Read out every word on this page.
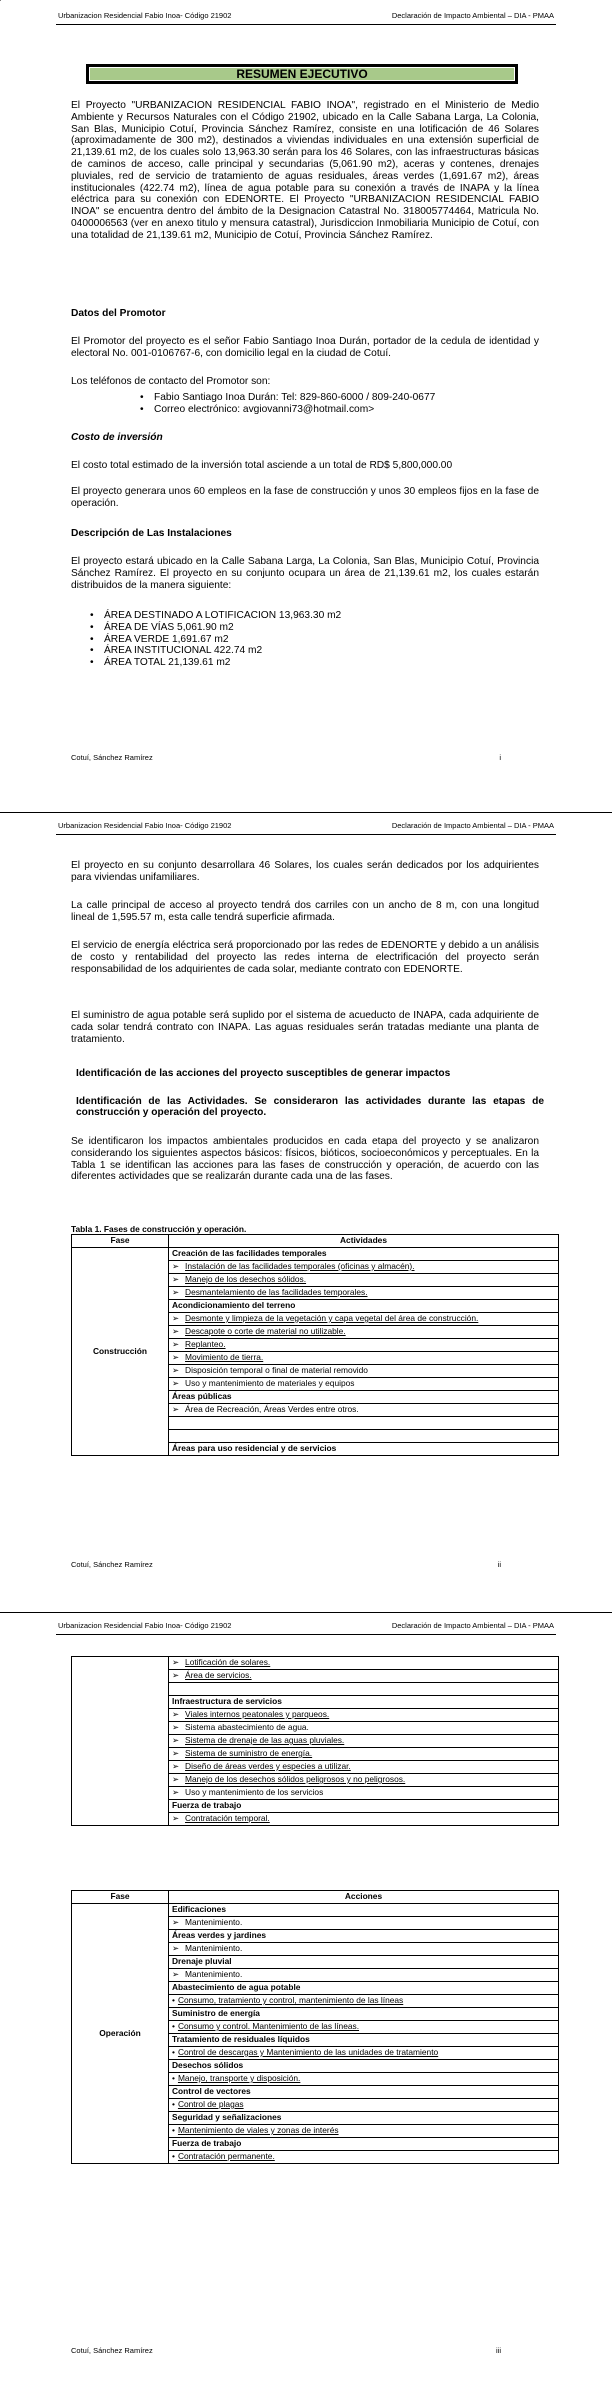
Urbanizacion Residencial Fabio Inoa- Código 21902	Declaración de Impacto Ambiental – DIA - PMAA
RESUMEN EJECUTIVO
El Proyecto "URBANIZACION RESIDENCIAL FABIO INOA", registrado en el Ministerio de Medio Ambiente y Recursos Naturales con el Código 21902, ubicado en la Calle Sabana Larga, La Colonia, San Blas, Municipio Cotuí, Provincia Sánchez Ramírez, consiste en una lotificación de 46 Solares (aproximadamente de 300 m2), destinados a viviendas individuales en una extensión superficial de 21,139.61 m2, de los cuales solo 13,963.30 serán para los 46 Solares, con las infraestructuras básicas de caminos de acceso, calle principal y secundarias (5,061.90 m2), aceras y contenes, drenajes pluviales, red de servicio de tratamiento de aguas residuales, áreas verdes (1,691.67 m2), áreas institucionales (422.74 m2), línea de agua potable para su conexión a través de INAPA y la línea eléctrica para su conexión con EDENORTE. El Proyecto "URBANIZACION RESIDENCIAL FABIO INOA" se encuentra dentro del ámbito de la Designacion Catastral No. 318005774464, Matricula No. 0400006563 (ver en anexo titulo y mensura catastral), Jurisdiccion Inmobiliaria Municipio de Cotuí, con una totalidad de 21,139.61 m2, Municipio de Cotuí, Provincia Sánchez Ramírez.
Datos del Promotor
El Promotor del proyecto es el señor Fabio Santiago Inoa Durán, portador de la cedula de identidad y electoral No. 001-0106767-6, con domicilio legal en la ciudad de Cotuí.
Los teléfonos de contacto del Promotor son:
• Fabio Santiago Inoa Durán: Tel: 829-860-6000 / 809-240-0677
• Correo electrónico: avgiovanni73@hotmail.com>
Costo de inversión
El costo total estimado de la inversión total asciende a un total de RD$ 5,800,000.00
El proyecto generara unos 60 empleos en la fase de construcción y unos 30 empleos fijos en la fase de operación.
Descripción de Las Instalaciones
El proyecto estará ubicado en la Calle Sabana Larga, La Colonia, San Blas, Municipio Cotuí, Provincia Sánchez Ramírez. El proyecto en su conjunto ocupara un área de 21,139.61 m2, los cuales estarán distribuidos de la manera siguiente:
• ÁREA DESTINADO A LOTIFICACION 13,963.30 m2
• ÁREA DE VÍAS 5,061.90 m2
• ÁREA VERDE 1,691.67 m2
• ÁREA INSTITUCIONAL 422.74 m2
• ÁREA TOTAL 21,139.61 m2
Cotuí, Sánchez Ramírez	i
Urbanizacion Residencial Fabio Inoa- Código 21902	Declaración de Impacto Ambiental – DIA - PMAA
El proyecto en su conjunto desarrollara 46 Solares, los cuales serán dedicados por los adquirientes para viviendas unifamiliares.
La calle principal de acceso al proyecto tendrá dos carriles con un ancho de 8 m, con una longitud lineal de 1,595.57 m, esta calle tendrá superficie afirmada.
El servicio de energía eléctrica será proporcionado por las redes de EDENORTE y debido a un análisis de costo y rentabilidad del proyecto las redes interna de electrificación del proyecto serán responsabilidad de los adquirientes de cada solar, mediante contrato con EDENORTE.
El suministro de agua potable será suplido por el sistema de acueducto de INAPA, cada adquiriente de cada solar tendrá contrato con INAPA. Las aguas residuales serán tratadas mediante una planta de tratamiento.
Identificación de las acciones del proyecto susceptibles de generar impactos
Identificación de las Actividades. Se consideraron las actividades durante las etapas de construcción y operación del proyecto.
Se identificaron los impactos ambientales producidos en cada etapa del proyecto y se analizaron considerando los siguientes aspectos básicos: físicos, bióticos, socioeconómicos y perceptuales. En la Tabla 1 se identifican las acciones para las fases de construcción y operación, de acuerdo con las diferentes actividades que se realizarán durante cada una de las fases.
Tabla 1. Fases de construcción y operación.
Fase	Actividades
Construcción	Creación de las facilidades temporales
	➢ Instalación de las facilidades temporales (oficinas y almacén).
	➢ Manejo de los desechos sólidos.
	➢ Desmantelamiento de las facilidades temporales.
	Acondicionamiento del terreno
	➢ Desmonte y limpieza de la vegetación y capa vegetal del área de construcción.
	➢ Descapote o corte de material no utilizable.
	➢ Replanteo.
	➢ Movimiento de tierra.
	➢ Disposición temporal o final de material removido
	➢ Uso y mantenimiento de materiales y equipos
	Áreas públicas
	➢ Área de Recreación, Áreas Verdes entre otros.

	Áreas para uso residencial y de servicios
Cotuí, Sánchez Ramírez	ii
Urbanizacion Residencial Fabio Inoa- Código 21902	Declaración de Impacto Ambiental – DIA - PMAA
	➢ Lotificación de solares.
➢ Área de servicios.

Infraestructura de servicios
➢ Viales internos peatonales y parqueos.
➢ Sistema abastecimiento de agua.
➢ Sistema de drenaje de las aguas pluviales.
➢ Sistema de suministro de energía.
➢ Diseño de áreas verdes y especies a utilizar.
➢ Manejo de los desechos sólidos peligrosos y no peligrosos.
➢ Uso y mantenimiento de los servicios
Fuerza de trabajo
➢ Contratación temporal.
Fase	Acciones
Operación	Edificaciones
	➢ Mantenimiento.
	Áreas verdes y jardines
	➢ Mantenimiento.
	Drenaje pluvial
	➢ Mantenimiento.
	Abastecimiento de agua potable
	• Consumo, tratamiento y control, mantenimiento de las líneas
	Suministro de energía
	• Consumo y control. Mantenimiento de las líneas.
	Tratamiento de residuales líquidos
	• Control de descargas y Mantenimiento de las unidades de tratamiento
	Desechos sólidos
	• Manejo, transporte y disposición.
	Control de vectores
	• Control de plagas
	Seguridad y señalizaciones
	• Mantenimiento de viales y zonas de interés
	Fuerza de trabajo
	• Contratación permanente.
Cotuí, Sánchez Ramírez	iii
